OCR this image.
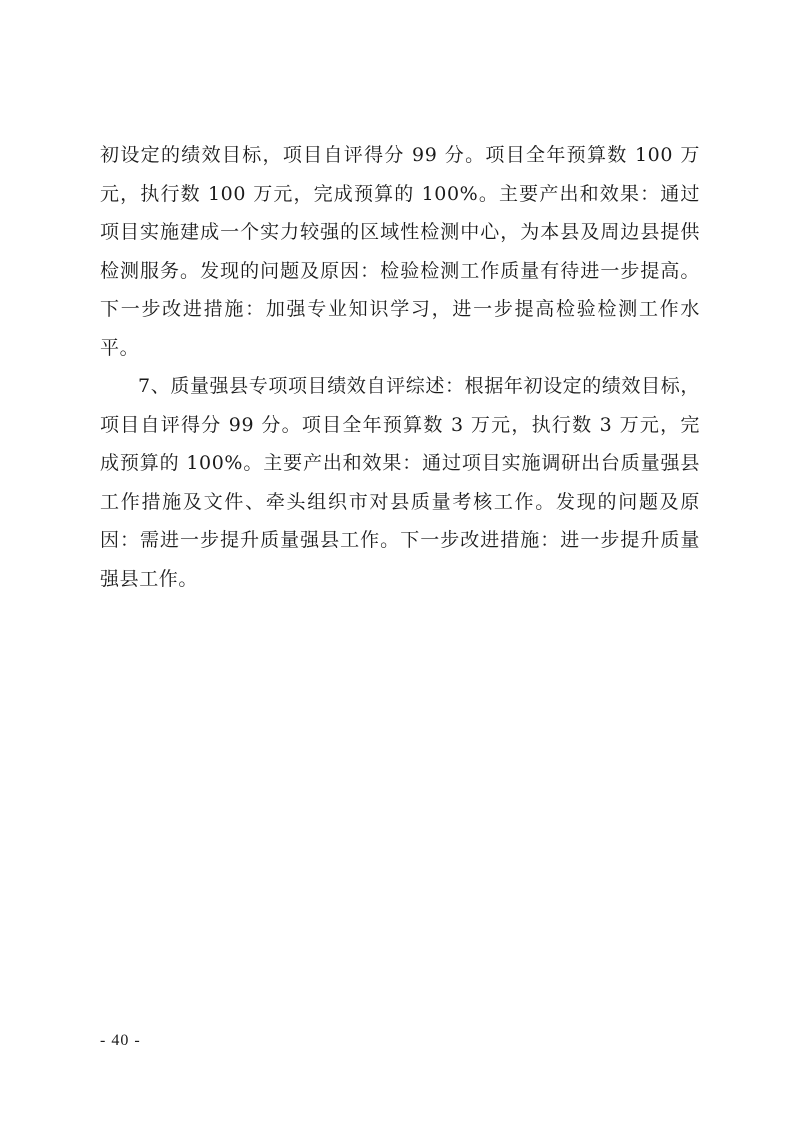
初设定的绩效目标，项目自评得分 99 分。项目全年预算数 100 万元，执行数 100 万元，完成预算的 100%。主要产出和效果：通过项目实施建成一个实力较强的区域性检测中心，为本县及周边县提供检测服务。发现的问题及原因：检验检测工作质量有待进一步提高。下一步改进措施：加强专业知识学习，进一步提高检验检测工作水平。

7、质量强县专项项目绩效自评综述：根据年初设定的绩效目标，项目自评得分 99 分。项目全年预算数 3 万元，执行数 3 万元，完成预算的 100%。主要产出和效果：通过项目实施调研出台质量强县工作措施及文件、牵头组织市对县质量考核工作。发现的问题及原因：需进一步提升质量强县工作。下一步改进措施：进一步提升质量强县工作。

- 40 -
